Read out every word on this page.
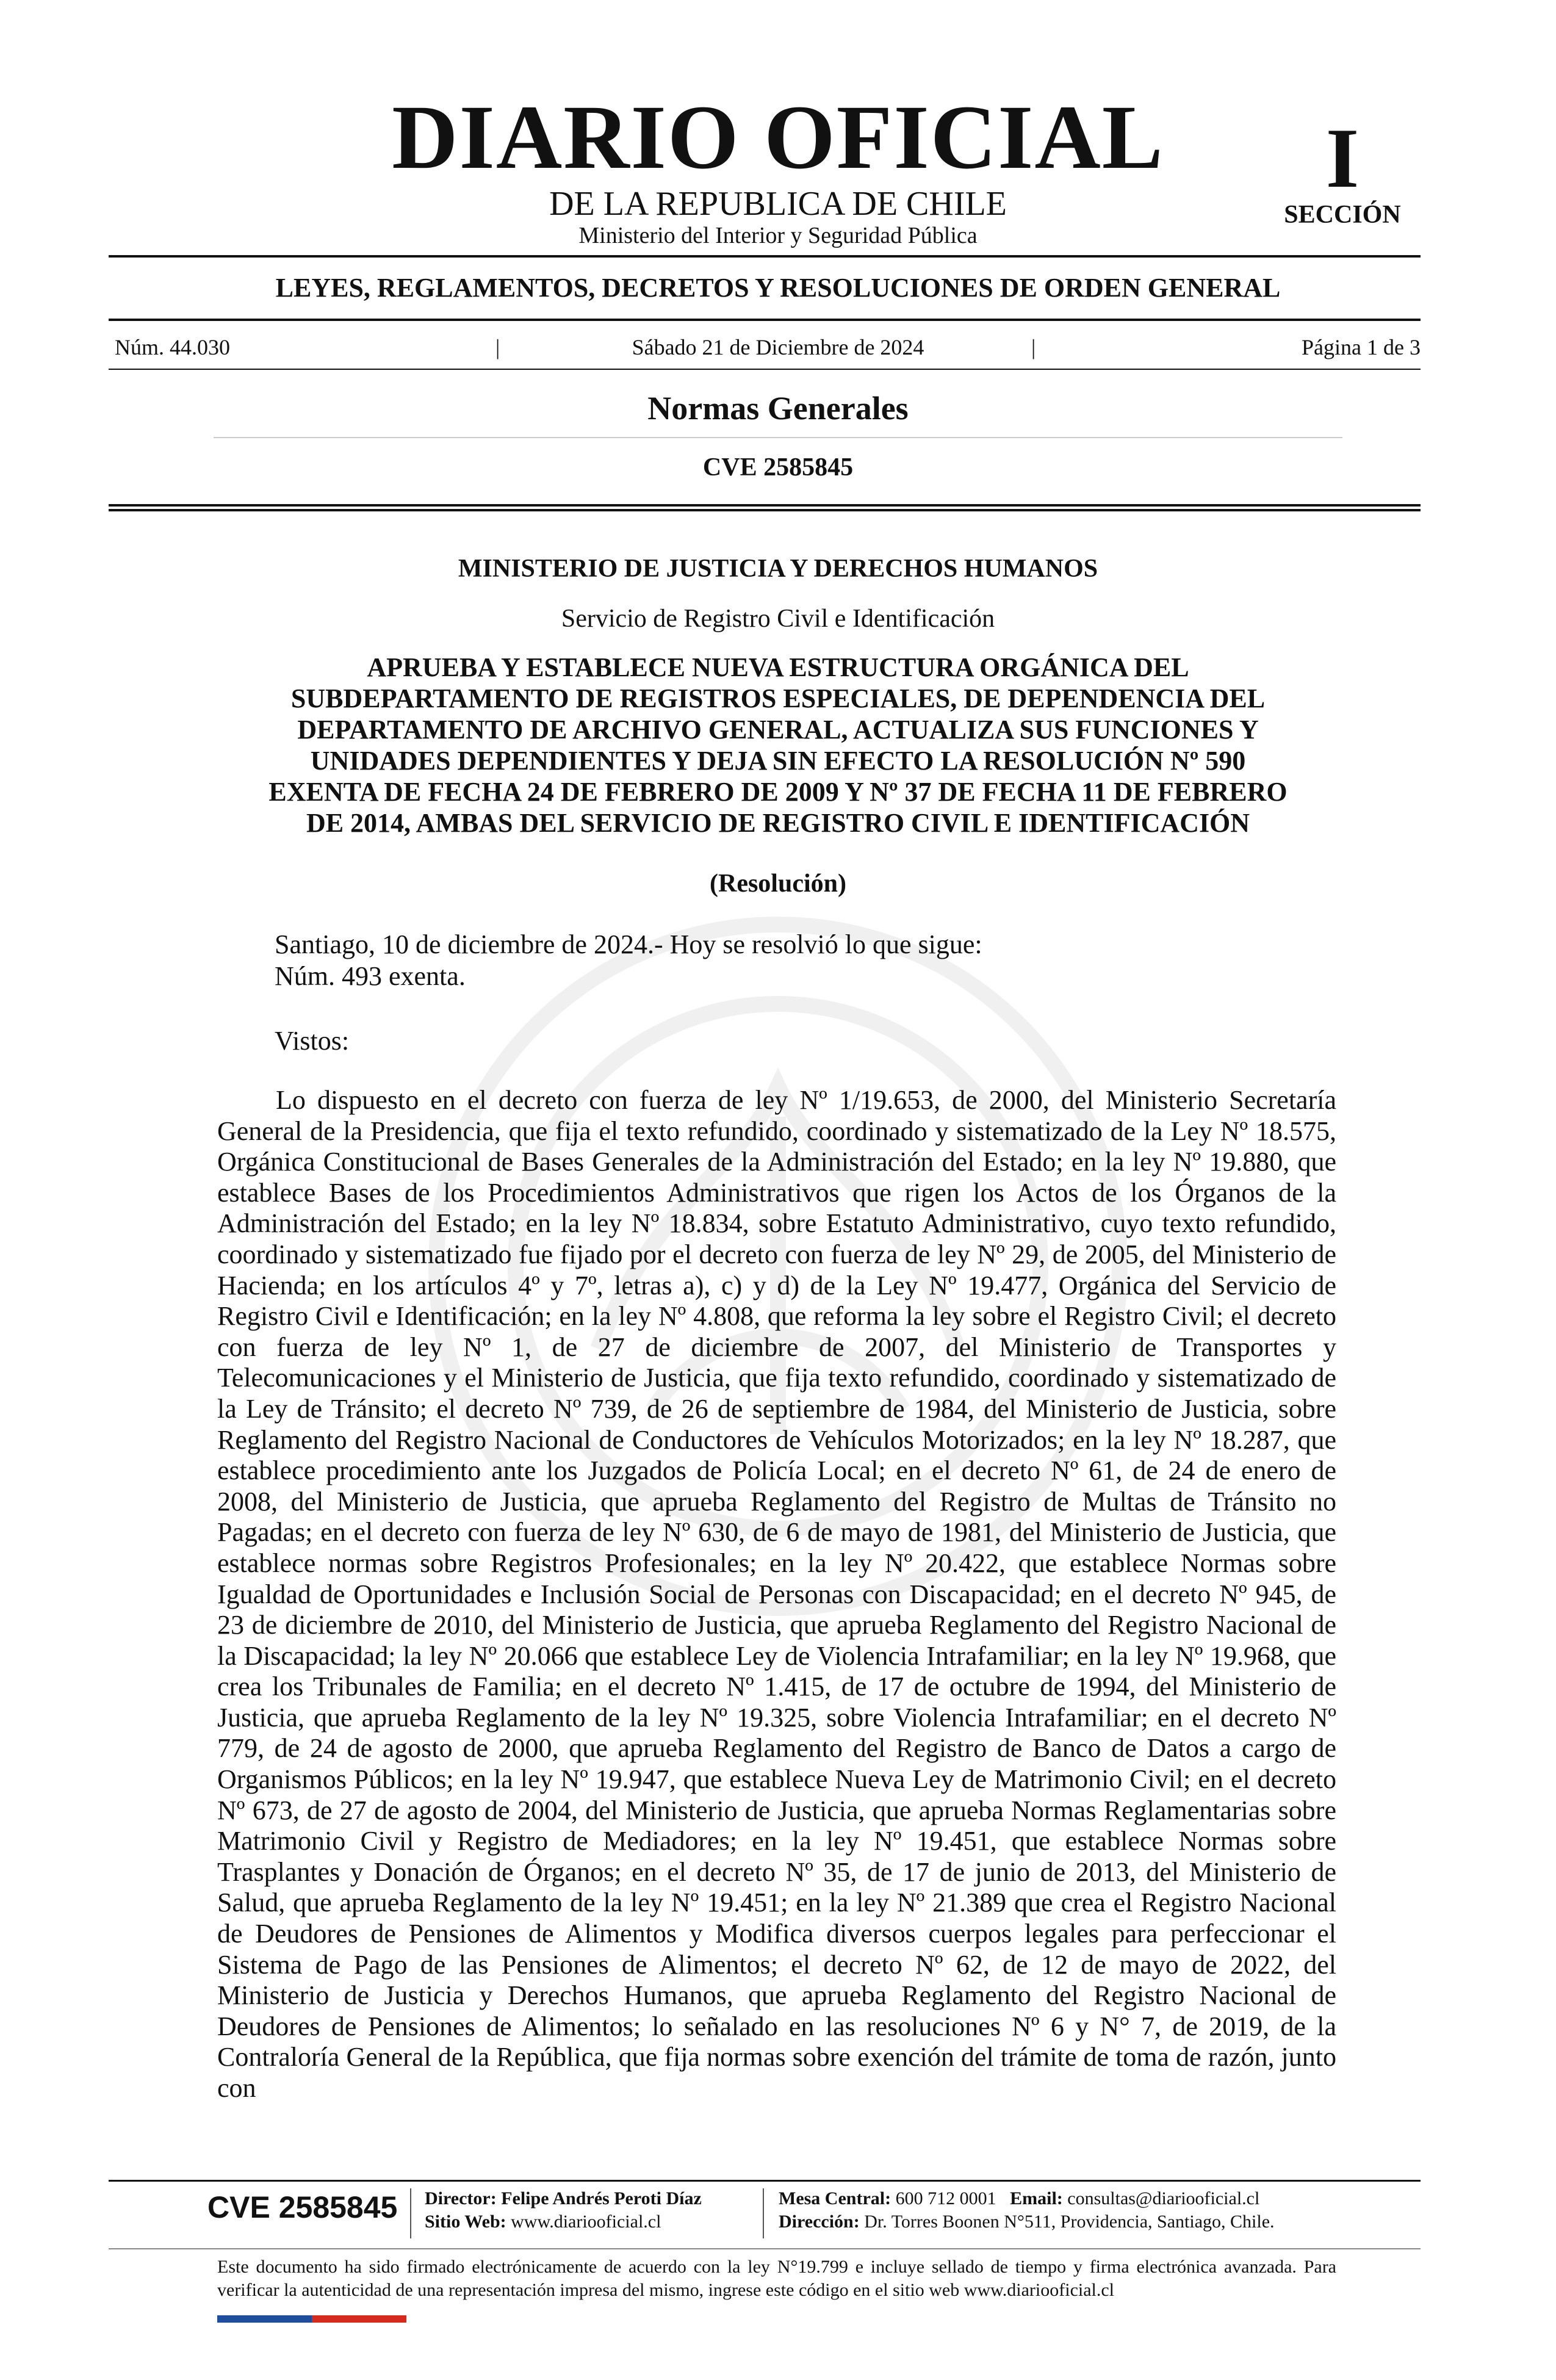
DIARIO OFICIAL
DE LA REPUBLICA DE CHILE
Ministerio del Interior y Seguridad Pública
I
SECCIÓN
LEYES, REGLAMENTOS, DECRETOS Y RESOLUCIONES DE ORDEN GENERAL
Núm. 44.030	|	Sábado 21 de Diciembre de 2024	|	Página 1 de 3
Normas Generales
CVE 2585845
MINISTERIO DE JUSTICIA Y DERECHOS HUMANOS
Servicio de Registro Civil e Identificación
APRUEBA Y ESTABLECE NUEVA ESTRUCTURA ORGÁNICA DEL
SUBDEPARTAMENTO DE REGISTROS ESPECIALES, DE DEPENDENCIA DEL
DEPARTAMENTO DE ARCHIVO GENERAL, ACTUALIZA SUS FUNCIONES Y
UNIDADES DEPENDIENTES Y DEJA SIN EFECTO LA RESOLUCIÓN Nº 590
EXENTA DE FECHA 24 DE FEBRERO DE 2009 Y Nº 37 DE FECHA 11 DE FEBRERO
DE 2014, AMBAS DEL SERVICIO DE REGISTRO CIVIL E IDENTIFICACIÓN
(Resolución)
Santiago, 10 de diciembre de 2024.- Hoy se resolvió lo que sigue:
Núm. 493 exenta.
Vistos:
Lo dispuesto en el decreto con fuerza de ley Nº 1/19.653, de 2000, del Ministerio Secretaría General de la Presidencia, que fija el texto refundido, coordinado y sistematizado de la Ley Nº 18.575, Orgánica Constitucional de Bases Generales de la Administración del Estado; en la ley Nº 19.880, que establece Bases de los Procedimientos Administrativos que rigen los Actos de los Órganos de la Administración del Estado; en la ley Nº 18.834, sobre Estatuto Administrativo, cuyo texto refundido, coordinado y sistematizado fue fijado por el decreto con fuerza de ley Nº 29, de 2005, del Ministerio de Hacienda; en los artículos 4º y 7º, letras a), c) y d) de la Ley Nº 19.477, Orgánica del Servicio de Registro Civil e Identificación; en la ley Nº 4.808, que reforma la ley sobre el Registro Civil; el decreto con fuerza de ley Nº 1, de 27 de diciembre de 2007, del Ministerio de Transportes y Telecomunicaciones y el Ministerio de Justicia, que fija texto refundido, coordinado y sistematizado de la Ley de Tránsito; el decreto Nº 739, de 26 de septiembre de 1984, del Ministerio de Justicia, sobre Reglamento del Registro Nacional de Conductores de Vehículos Motorizados; en la ley Nº 18.287, que establece procedimiento ante los Juzgados de Policía Local; en el decreto Nº 61, de 24 de enero de 2008, del Ministerio de Justicia, que aprueba Reglamento del Registro de Multas de Tránsito no Pagadas; en el decreto con fuerza de ley Nº 630, de 6 de mayo de 1981, del Ministerio de Justicia, que establece normas sobre Registros Profesionales; en la ley Nº 20.422, que establece Normas sobre Igualdad de Oportunidades e Inclusión Social de Personas con Discapacidad; en el decreto Nº 945, de 23 de diciembre de 2010, del Ministerio de Justicia, que aprueba Reglamento del Registro Nacional de la Discapacidad; la ley Nº 20.066 que establece Ley de Violencia Intrafamiliar; en la ley Nº 19.968, que crea los Tribunales de Familia; en el decreto Nº 1.415, de 17 de octubre de 1994, del Ministerio de Justicia, que aprueba Reglamento de la ley Nº 19.325, sobre Violencia Intrafamiliar; en el decreto Nº 779, de 24 de agosto de 2000, que aprueba Reglamento del Registro de Banco de Datos a cargo de Organismos Públicos; en la ley Nº 19.947, que establece Nueva Ley de Matrimonio Civil; en el decreto Nº 673, de 27 de agosto de 2004, del Ministerio de Justicia, que aprueba Normas Reglamentarias sobre Matrimonio Civil y Registro de Mediadores; en la ley Nº 19.451, que establece Normas sobre Trasplantes y Donación de Órganos; en el decreto Nº 35, de 17 de junio de 2013, del Ministerio de Salud, que aprueba Reglamento de la ley Nº 19.451; en la ley Nº 21.389 que crea el Registro Nacional de Deudores de Pensiones de Alimentos y Modifica diversos cuerpos legales para perfeccionar el Sistema de Pago de las Pensiones de Alimentos; el decreto Nº 62, de 12 de mayo de 2022, del Ministerio de Justicia y Derechos Humanos, que aprueba Reglamento del Registro Nacional de Deudores de Pensiones de Alimentos; lo señalado en las resoluciones Nº 6 y N° 7, de 2019, de la Contraloría General de la República, que fija normas sobre exención del trámite de toma de razón, junto con
CVE 2585845 Director: Felipe Andrés Peroti Díaz
Sitio Web: www.diariooficial.cl
Mesa Central: 600 712 0001 Email: consultas@diariooficial.cl
Dirección: Dr. Torres Boonen N°511, Providencia, Santiago, Chile.
Este documento ha sido firmado electrónicamente de acuerdo con la ley N°19.799 e incluye sellado de tiempo y firma electrónica avanzada. Para verificar la autenticidad de una representación impresa del mismo, ingrese este código en el sitio web www.diariooficial.cl
